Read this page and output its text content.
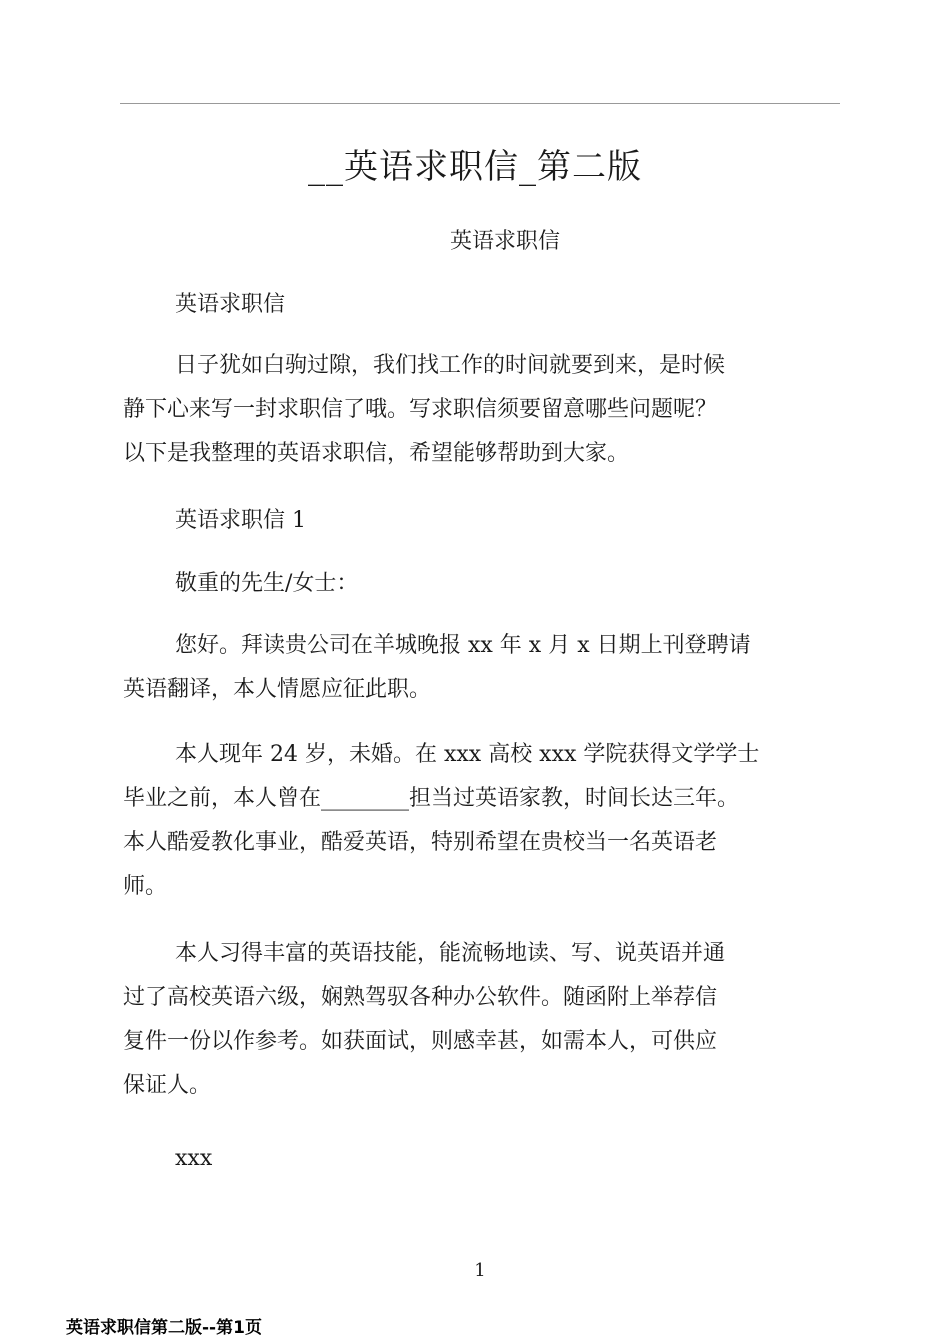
__英语求职信_第二版
英语求职信
英语求职信
日子犹如白驹过隙，我们找工作的时间就要到来，是时候
静下心来写一封求职信了哦。写求职信须要留意哪些问题呢？
以下是我整理的英语求职信，希望能够帮助到大家。
英语求职信 1
敬重的先生/女士：
您好。拜读贵公司在羊城晚报 xx 年 x 月 x 日期上刊登聘请
英语翻译，本人情愿应征此职。
本人现年 24 岁，未婚。在 xxx 高校 xxx 学院获得文学学士
毕业之前，本人曾在________担当过英语家教，时间长达三年。
本人酷爱教化事业，酷爱英语，特别希望在贵校当一名英语老
师。
本人习得丰富的英语技能，能流畅地读、写、说英语并通
过了高校英语六级，娴熟驾驭各种办公软件。随函附上举荐信
复件一份以作参考。如获面试，则感幸甚，如需本人，可供应
保证人。
xxx
1
英语求职信第二版--第1页
